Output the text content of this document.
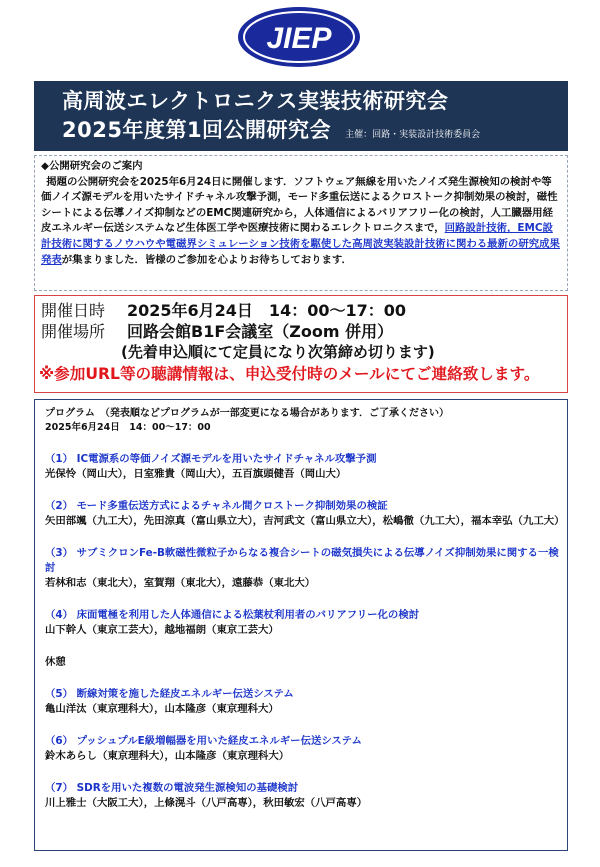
JIEP
高周波エレクトロニクス実装技術研究会
2025年度第1回公開研究会 主催：回路・実装設計技術委員会
◆公開研究会のご案内
掲題の公開研究会を2025年6月24日に開催します．ソフトウェア無線を用いたノイズ発生源検知の検討や等価ノイズ源モデルを用いたサイドチャネル攻撃予測，モード多重伝送によるクロストーク抑制効果の検討，磁性シートによる伝導ノイズ抑制などのEMC関連研究から，人体通信によるバリアフリー化の検討，人工臓器用経皮エネルギー伝送システムなど生体医工学や医療技術に関わるエレクトロニクスまで，回路設計技術，EMC設計技術に関するノウハウや電磁界シミュレーション技術を駆使した高周波実装設計技術に関わる最新の研究成果発表が集まりました．皆様のご参加を心よりお待ちしております．
開催日時	2025年6月24日　14：00〜17：00
開催場所	回路会館B1F会議室（Zoom 併用）
(先着申込順にて定員になり次第締め切ります)
※参加URL等の聴講情報は、申込受付時のメールにてご連絡致します。
プログラム　（発表順などプログラムが一部変更になる場合があります．ご了承ください）
2025年6月24日　14：00〜17：00
（1） IC電源系の等価ノイズ源モデルを用いたサイドチャネル攻撃予測
光保怜（岡山大），日室雅貴（岡山大），五百旗頭健吾（岡山大）
（2） モード多重伝送方式によるチャネル間クロストーク抑制効果の検証
矢田部颯（九工大），先田涼真（富山県立大），吉河武文（富山県立大），松嶋徹（九工大），福本幸弘（九工大）
（3） サブミクロンFe-B軟磁性微粒子からなる複合シートの磁気損失による伝導ノイズ抑制効果に関する一検討
若林和志（東北大），室賀翔（東北大），遠藤恭（東北大）
（4） 床面電極を利用した人体通信による松葉杖利用者のバリアフリー化の検討
山下幹人（東京工芸大），越地福朗（東京工芸大）
休憩
（5） 断線対策を施した経皮エネルギー伝送システム
亀山洋汰（東京理科大），山本隆彦（東京理科大）
（6） プッシュプルE級増幅器を用いた経皮エネルギー伝送システム
鈴木あらし（東京理科大），山本隆彦（東京理科大）
（7） SDRを用いた複数の電波発生源検知の基礎検討
川上雅士（大阪工大），上條滉斗（八戸高専），秋田敏宏（八戸高専）
